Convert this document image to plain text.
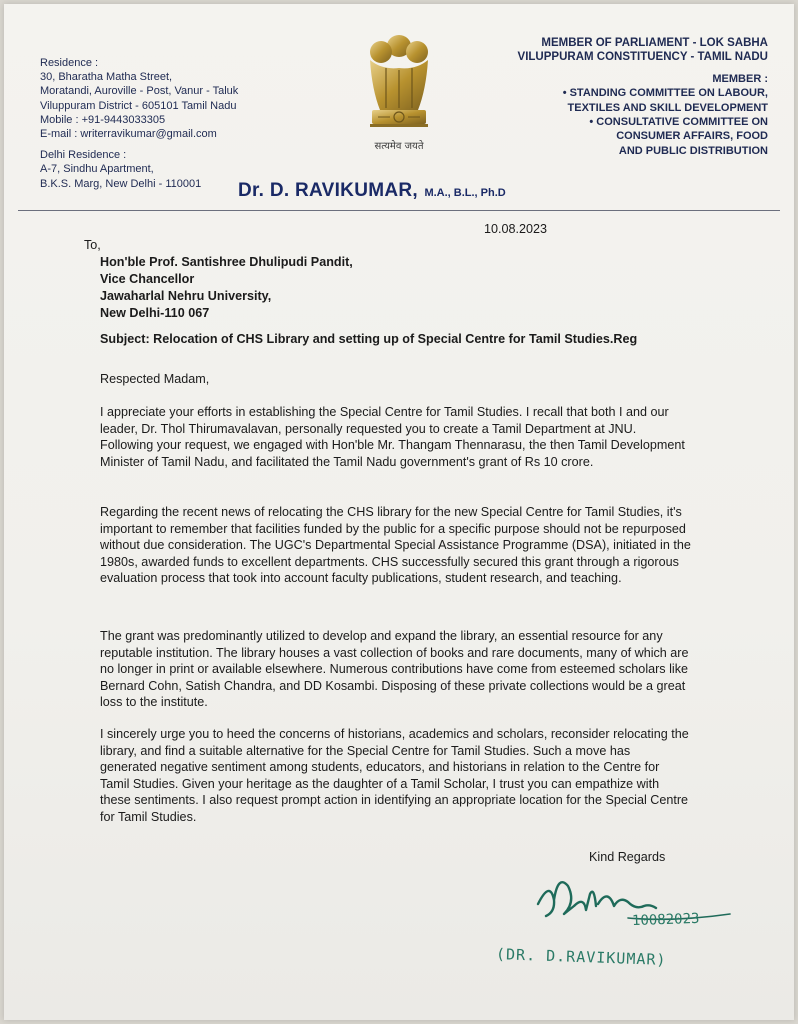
Residence :
30, Bharatha Matha Street,
Moratandi, Auroville - Post, Vanur - Taluk
Viluppuram District - 605101 Tamil Nadu
Mobile : +91-9443033305
E-mail : writerravikumar@gmail.com
Delhi Residence :
A-7, Sindhu Apartment,
B.K.S. Marg, New Delhi - 110001
सत्यमेव जयते
MEMBER OF PARLIAMENT - LOK SABHA
VILUPPURAM CONSTITUENCY - TAMIL NADU
MEMBER :
• STANDING COMMITTEE ON LABOUR,
TEXTILES AND SKILL DEVELOPMENT
• CONSULTATIVE COMMITTEE ON
CONSUMER AFFAIRS, FOOD
AND PUBLIC DISTRIBUTION
Dr. D. RAVIKUMAR, M.A., B.L., Ph.D
10.08.2023
To,
Hon'ble Prof. Santishree Dhulipudi Pandit,
Vice Chancellor
Jawaharlal Nehru University,
New Delhi-110 067
Subject: Relocation of CHS Library and setting up of Special Centre for Tamil Studies.Reg
Respected Madam,
I appreciate your efforts in establishing the Special Centre for Tamil Studies. I recall that both I and our leader, Dr. Thol Thirumavalavan, personally requested you to create a Tamil Department at JNU. Following your request, we engaged with Hon'ble Mr. Thangam Thennarasu, the then Tamil Development Minister of Tamil Nadu, and facilitated the Tamil Nadu government's grant of Rs 10 crore.
Regarding the recent news of relocating the CHS library for the new Special Centre for Tamil Studies, it's important to remember that facilities funded by the public for a specific purpose should not be repurposed without due consideration. The UGC's Departmental Special Assistance Programme (DSA), initiated in the 1980s, awarded funds to excellent departments. CHS successfully secured this grant through a rigorous evaluation process that took into account faculty publications, student research, and teaching.
The grant was predominantly utilized to develop and expand the library, an essential resource for any reputable institution. The library houses a vast collection of books and rare documents, many of which are no longer in print or available elsewhere. Numerous contributions have come from esteemed scholars like Bernard Cohn, Satish Chandra, and DD Kosambi. Disposing of these private collections would be a great loss to the institute.
I sincerely urge you to heed the concerns of historians, academics and scholars, reconsider relocating the library, and find a suitable alternative for the Special Centre for Tamil Studies. Such a move has generated negative sentiment among students, educators, and historians in relation to the Centre for Tamil Studies. Given your heritage as the daughter of a Tamil Scholar, I trust you can empathize with these sentiments. I also request prompt action in identifying an appropriate location for the Special Centre for Tamil Studies.
Kind Regards
10082023
(DR. D.RAVIKUMAR)
